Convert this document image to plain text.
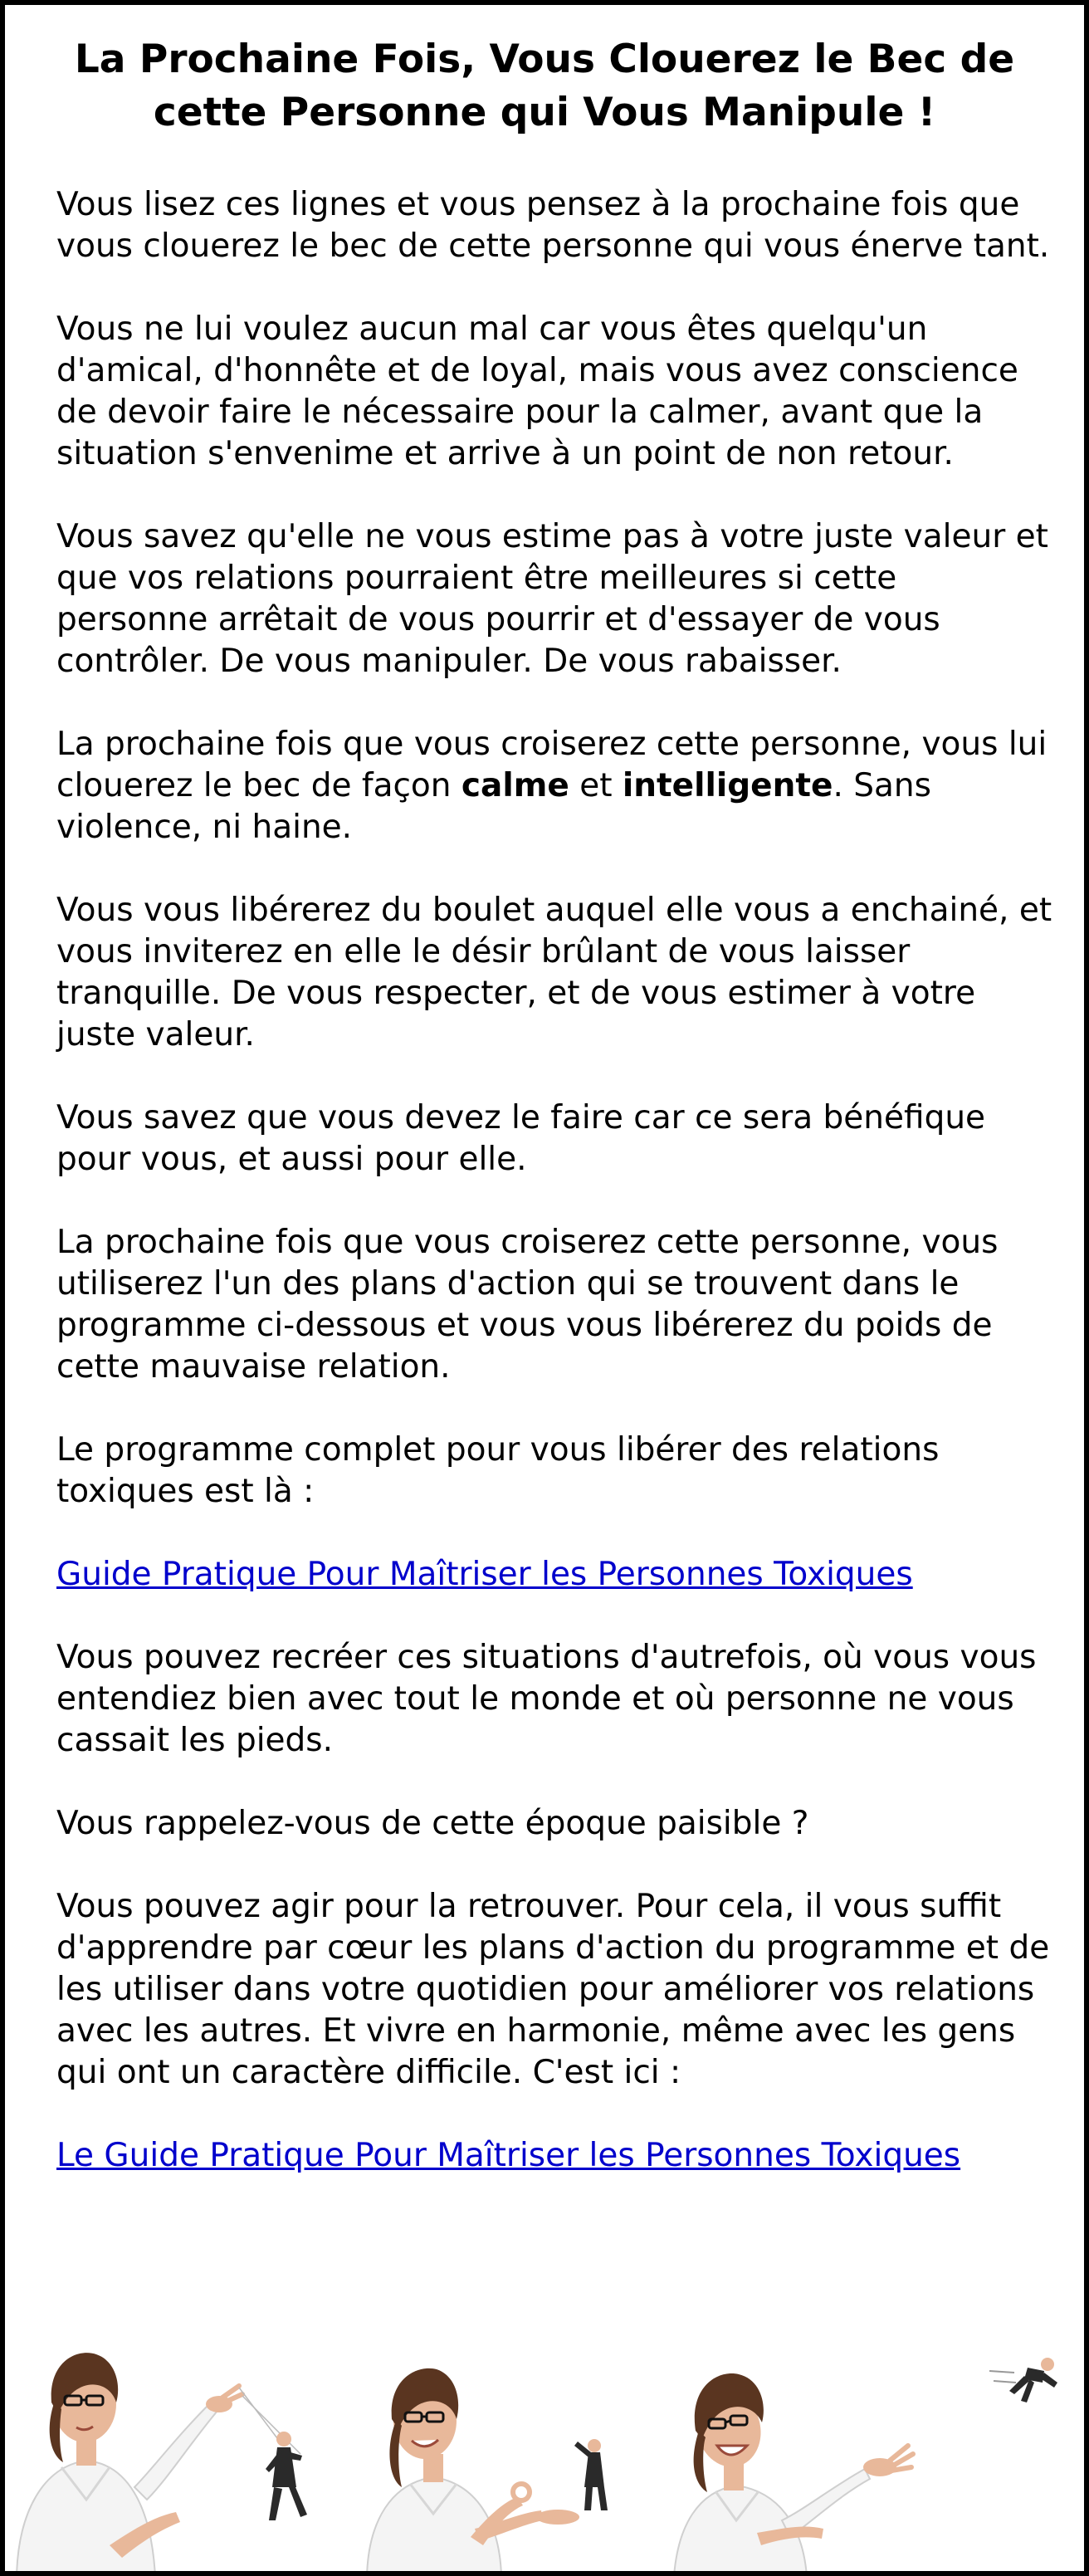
La Prochaine Fois, Vous Clouerez le Bec de cette Personne qui Vous Manipule !

Vous lisez ces lignes et vous pensez à la prochaine fois que vous clouerez le bec de cette personne qui vous énerve tant.

Vous ne lui voulez aucun mal car vous êtes quelqu'un d'amical, d'honnête et de loyal, mais vous avez conscience de devoir faire le nécessaire pour la calmer, avant que la situation s'envenime et arrive à un point de non retour.

Vous savez qu'elle ne vous estime pas à votre juste valeur et que vos relations pourraient être meilleures si cette personne arrêtait de vous pourrir et d'essayer de vous contrôler. De vous manipuler. De vous rabaisser.

La prochaine fois que vous croiserez cette personne, vous lui clouerez le bec de façon calme et intelligente. Sans violence, ni haine.

Vous vous libérerez du boulet auquel elle vous a enchainé, et vous inviterez en elle le désir brûlant de vous laisser tranquille. De vous respecter, et de vous estimer à votre juste valeur.

Vous savez que vous devez le faire car ce sera bénéfique pour vous, et aussi pour elle.

La prochaine fois que vous croiserez cette personne, vous utiliserez l'un des plans d'action qui se trouvent dans le programme ci-dessous et vous vous libérerez du poids de cette mauvaise relation.

Le programme complet pour vous libérer des relations toxiques est là :

Guide Pratique Pour Maîtriser les Personnes Toxiques

Vous pouvez recréer ces situations d'autrefois, où vous vous entendiez bien avec tout le monde et où personne ne vous cassait les pieds.

Vous rappelez-vous de cette époque paisible ?

Vous pouvez agir pour la retrouver. Pour cela, il vous suffit d'apprendre par cœur les plans d'action du programme et de les utiliser dans votre quotidien pour améliorer vos relations avec les autres. Et vivre en harmonie, même avec les gens qui ont un caractère difficile. C'est ici :

Le Guide Pratique Pour Maîtriser les Personnes Toxiques
